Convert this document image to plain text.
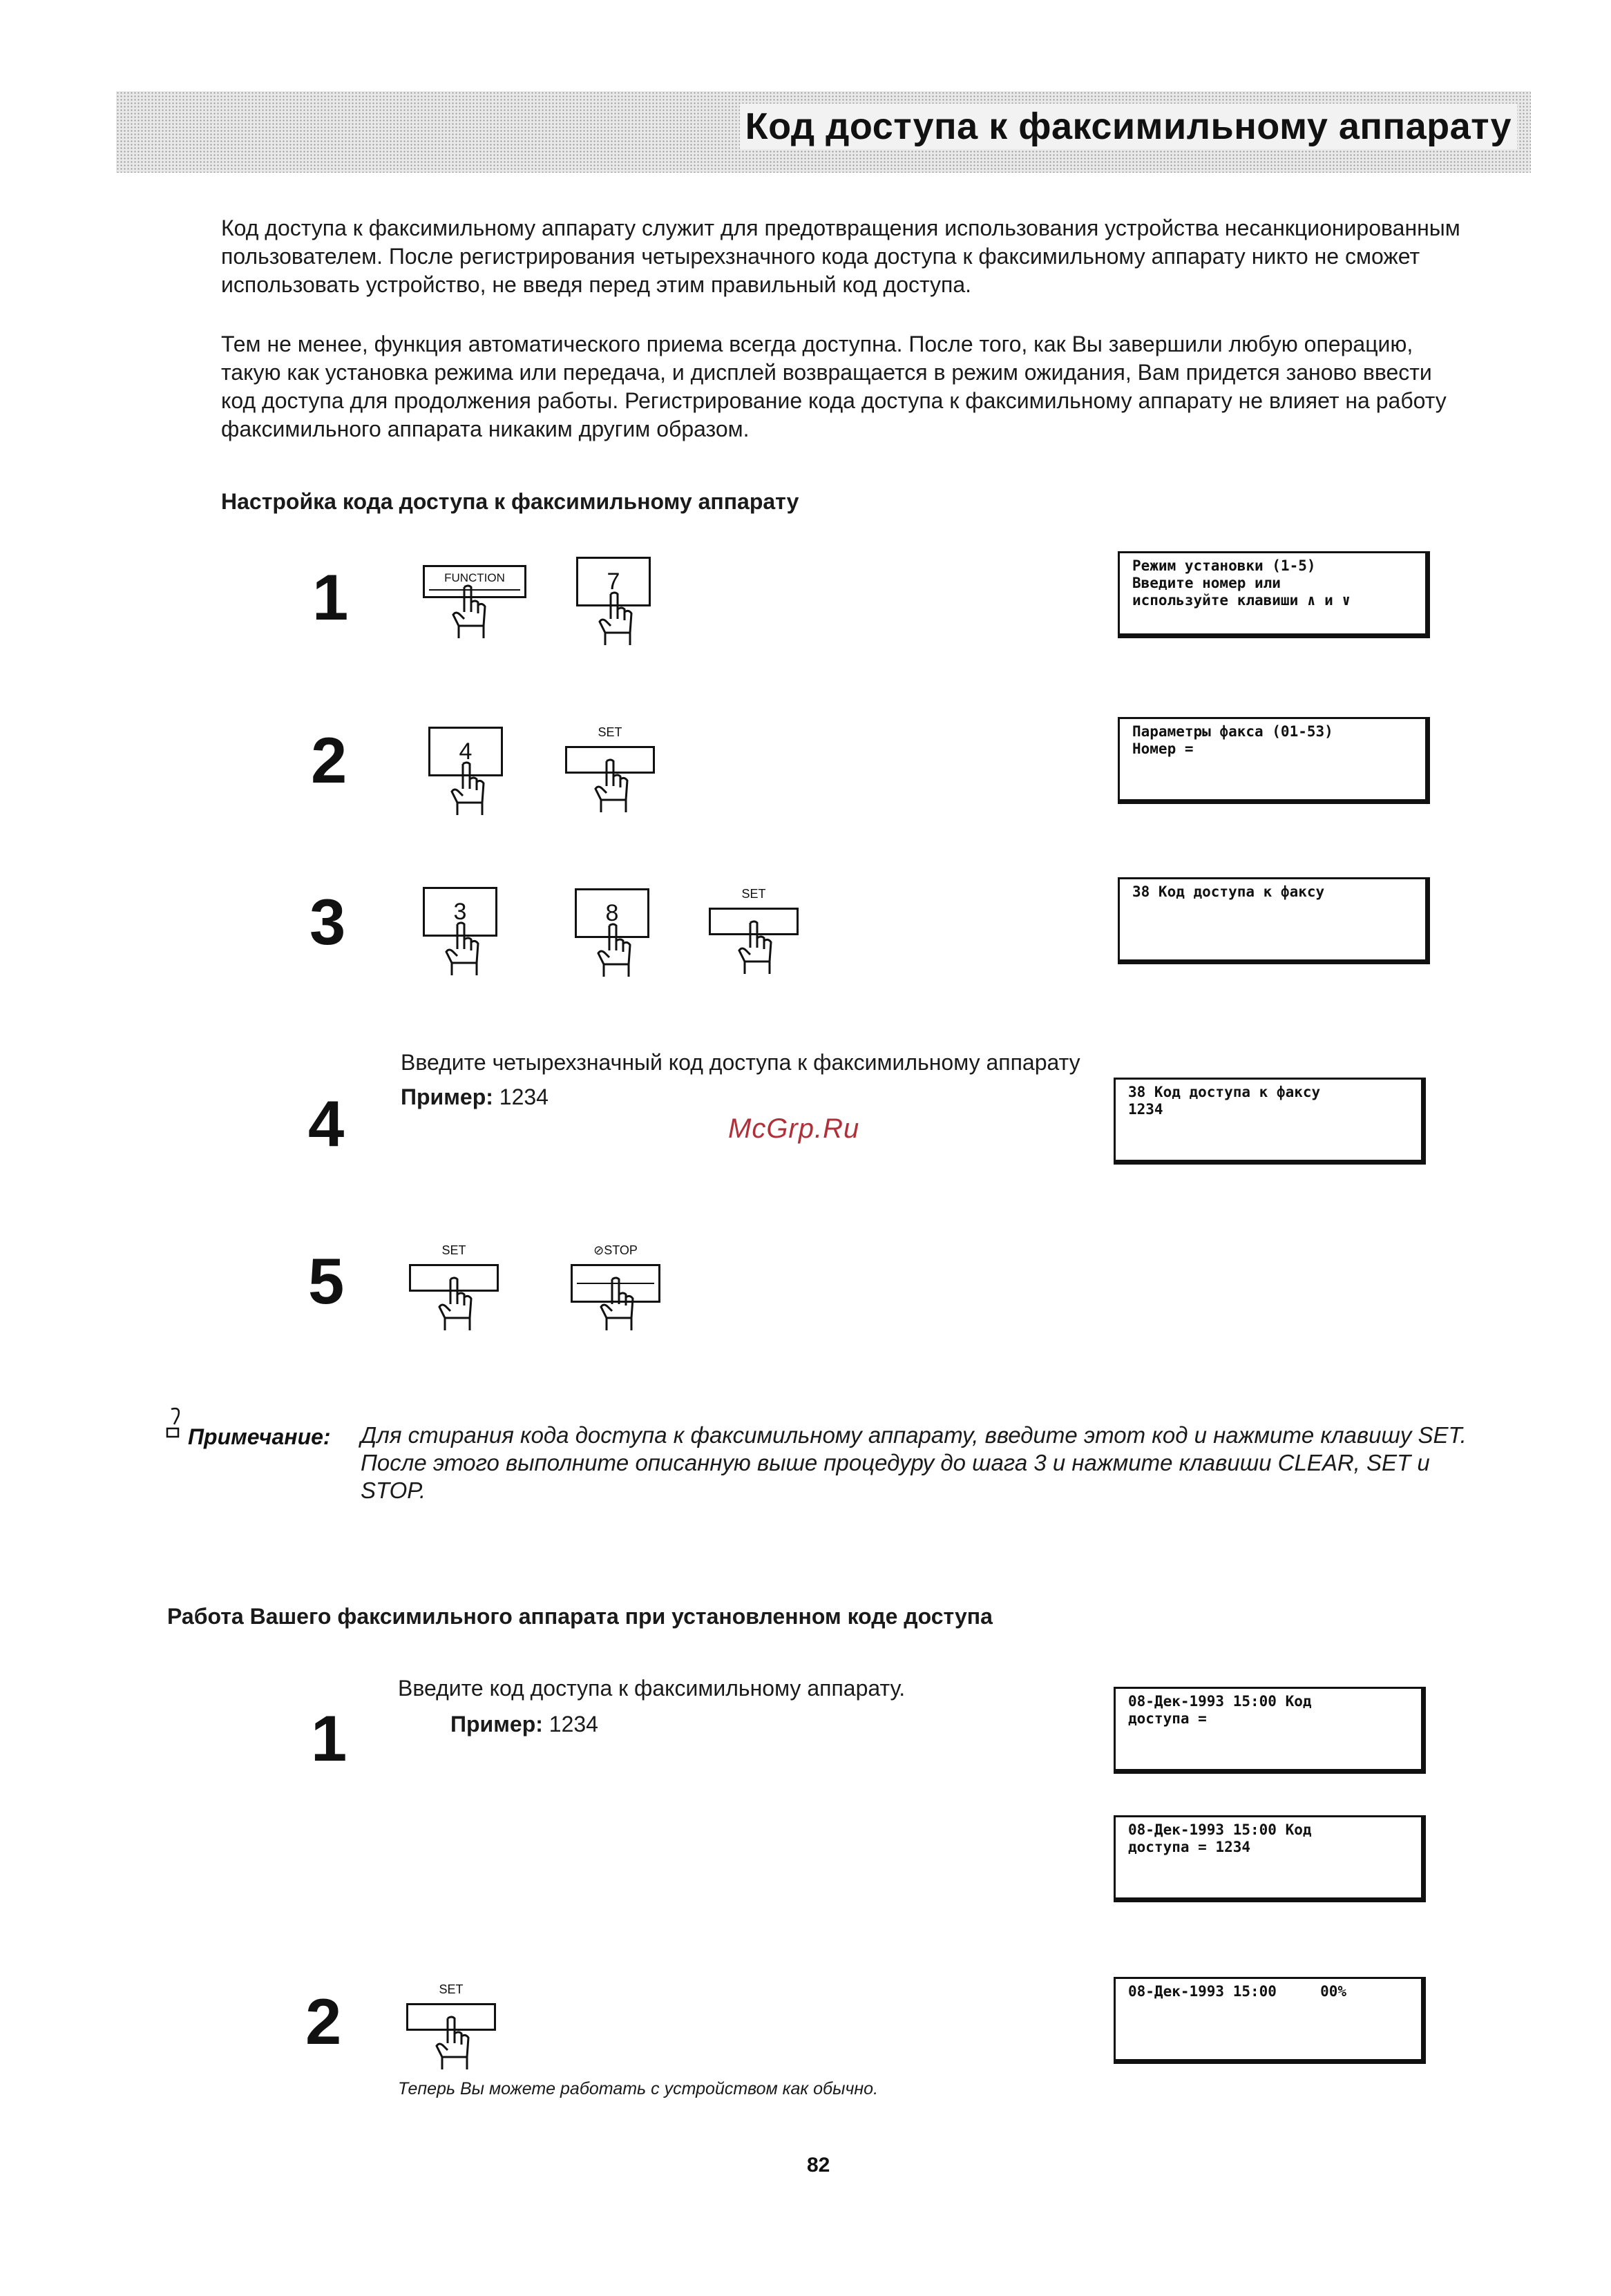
Код доступа к факсимильному аппарату
Код доступа к факсимильному аппарату служит для предотвращения использования устройства несанкционированным пользователем. После регистрирования четырехзначного кода доступа к факсимильному аппарату никто не сможет использовать устройство, не введя перед этим правильный код доступа.
Тем не менее, функция автоматического приема всегда доступна. После того, как Вы завершили любую операцию, такую как установка режима или передача, и дисплей возвращается в режим ожидания, Вам придется заново ввести код доступа для продолжения работы. Регистрирование кода доступа к факсимильному аппарату не влияет на работу факсимильного аппарата никаким другим образом.
Настройка кода доступа к факсимильному аппарату
1	FUNCTION	7
Режим установки (1-5)
Введите номер или
используйте клавиши ∧ и ∨
2	4
SET	Параметры факса (01-53)
Номер =
3	3	8
SET	38 Код доступа к факсу
Введите четырехзначный код доступа к факсимильному аппарату
Пример: 1234
4	38 Код доступа к факсу
1234
McGrp.Ru
5	SET	⊘STOP
Примечание: Для стирания кода доступа к факсимильному аппарату, введите этот код и нажмите клавишу SET. После этого выполните описанную выше процедуру до шага 3 и нажмите клавиши CLEAR, SET и STOP.
Работа Вашего факсимильного аппарата при установленном коде доступа
Введите код доступа к факсимильному аппарату.
Пример: 1234
1
08-Дек-1993 15:00 Код
доступа =
08-Дек-1993 15:00 Код
доступа = 1234
2	SET
Теперь Вы можете работать с устройством как обычно.
08-Дек-1993 15:00     00%
82
